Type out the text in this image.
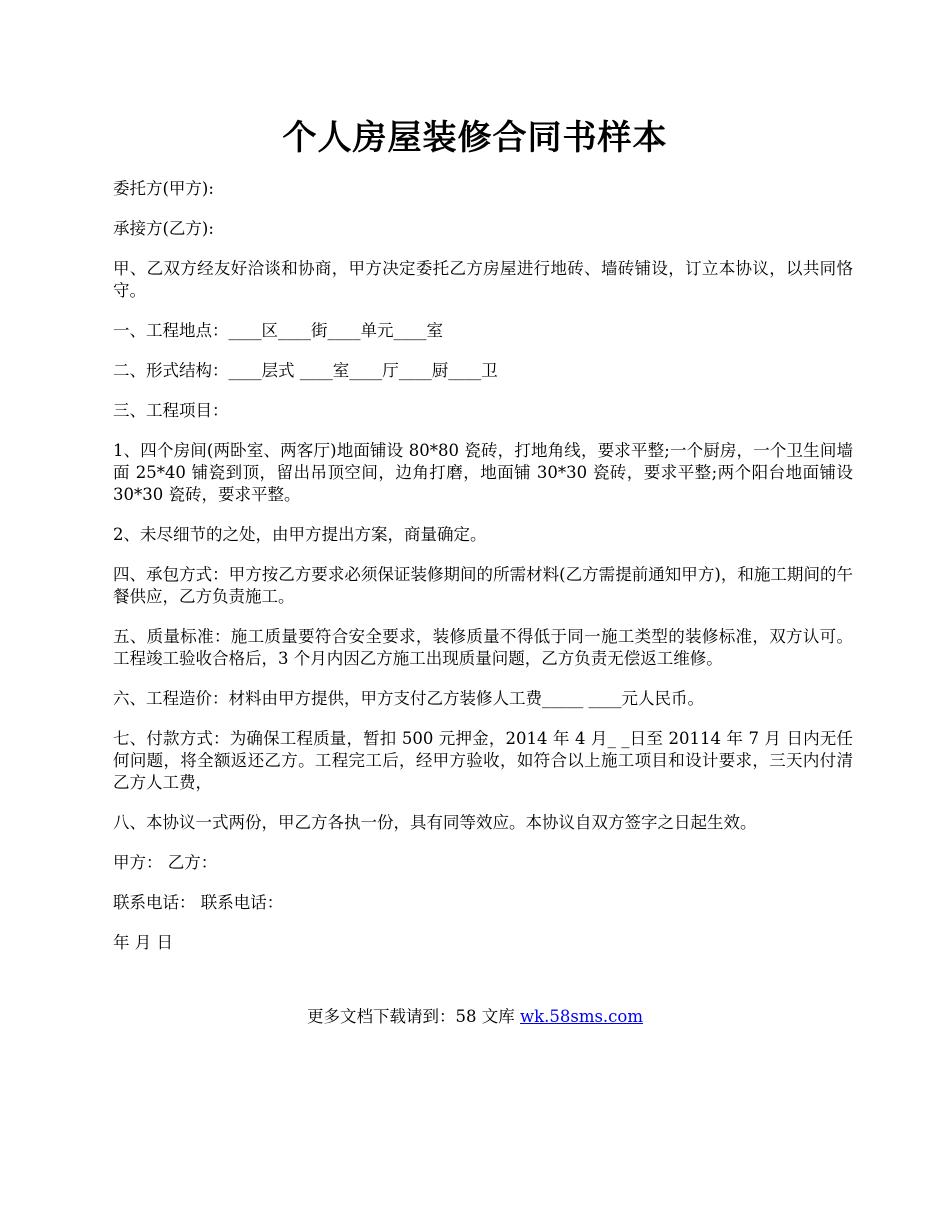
个人房屋装修合同书样本

委托方(甲方):

承接方(乙方):

甲、乙双方经友好洽谈和协商，甲方决定委托乙方房屋进行地砖、墙砖铺设，订立本协议，以共同恪守。

一、工程地点：____区____街____单元____室

二、形式结构：____层式 ____室____厅____厨____卫

三、工程项目：

1、四个房间(两卧室、两客厅)地面铺设 80*80 瓷砖，打地角线，要求平整;一个厨房，一个卫生间墙面 25*40 铺瓷到顶，留出吊顶空间，边角打磨，地面铺 30*30 瓷砖，要求平整;两个阳台地面铺设 30*30 瓷砖，要求平整。

2、未尽细节的之处，由甲方提出方案，商量确定。

四、承包方式：甲方按乙方要求必须保证装修期间的所需材料(乙方需提前通知甲方)，和施工期间的午餐供应，乙方负责施工。

五、质量标准：施工质量要符合安全要求，装修质量不得低于同一施工类型的装修标准，双方认可。工程竣工验收合格后，3 个月内因乙方施工出现质量问题，乙方负责无偿返工维修。

六、工程造价：材料由甲方提供，甲方支付乙方装修人工费_____ ____元人民币。

七、付款方式：为确保工程质量，暂扣 500 元押金，2014 年 4 月_ _日至 20114 年 7 月 日内无任何问题，将全额返还乙方。工程完工后，经甲方验收，如符合以上施工项目和设计要求，三天内付清乙方人工费，

八、本协议一式两份，甲乙方各执一份，具有同等效应。本协议自双方签字之日起生效。

甲方： 乙方：

联系电话： 联系电话：

年 月 日

更多文档下载请到：58 文库 wk.58sms.com
